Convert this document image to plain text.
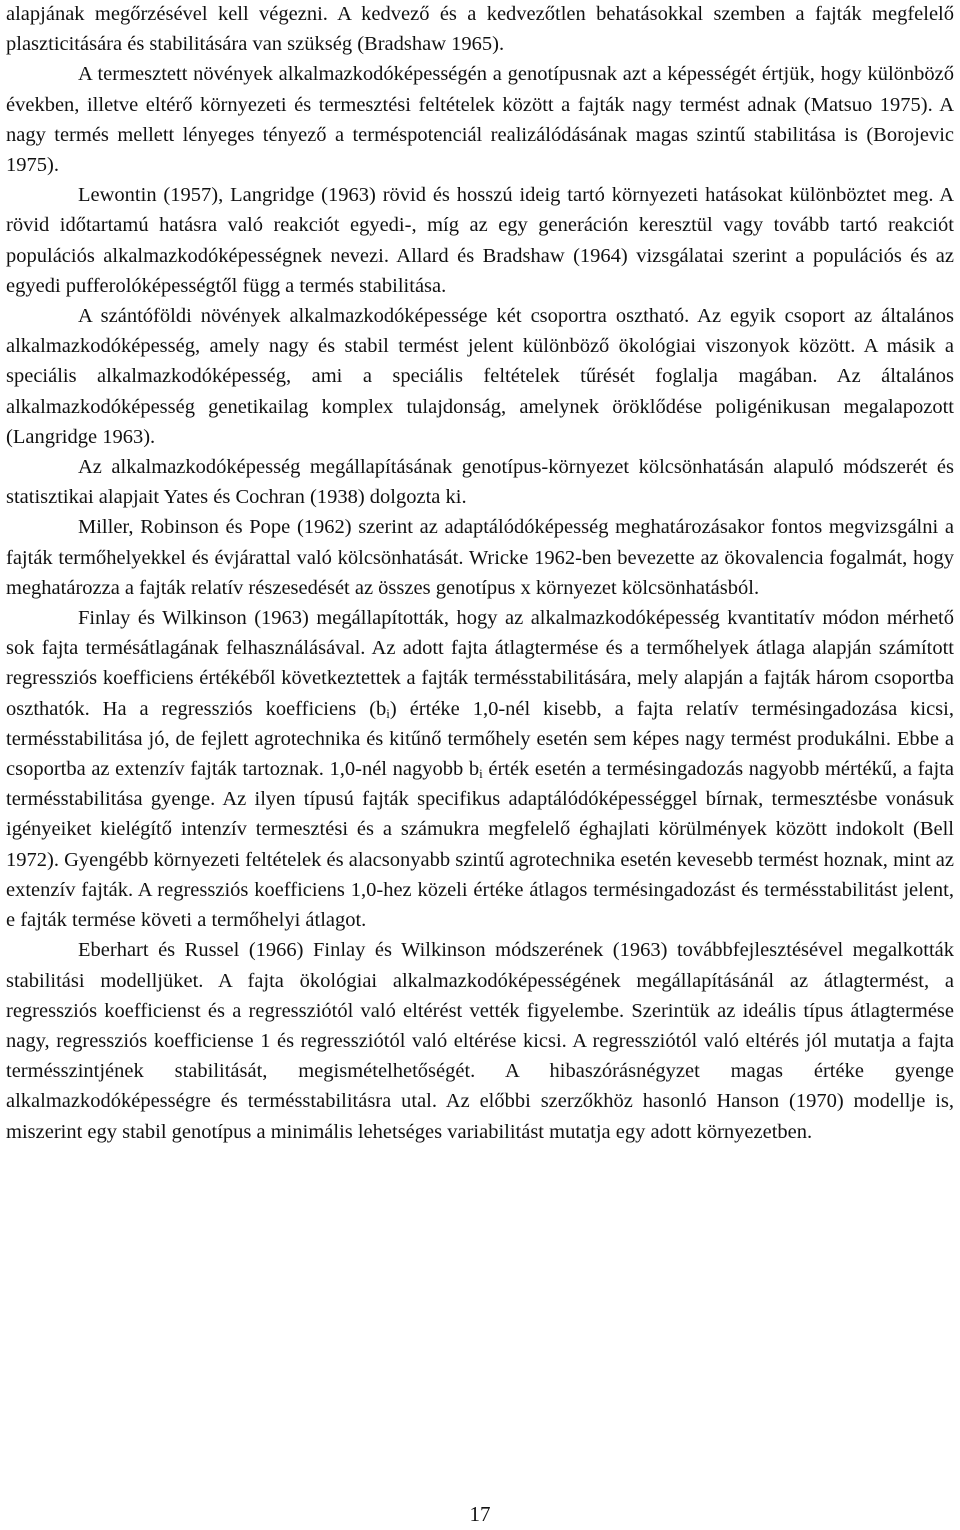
alapjának megőrzésével kell végezni. A kedvező és a kedvezőtlen behatásokkal szemben a fajták megfelelő plaszticitására és stabilitására van szükség (Bradshaw 1965).

A termesztett növények alkalmazkodóképességén a genotípusnak azt a képességét értjük, hogy különböző években, illetve eltérő környezeti és termesztési feltételek között a fajták nagy termést adnak (Matsuo 1975). A nagy termés mellett lényeges tényező a terméspotenciál realizálódásának magas szintű stabilitása is (Borojevic 1975).

Lewontin (1957), Langridge (1963) rövid és hosszú ideig tartó környezeti hatásokat különböztet meg. A rövid időtartamú hatásra való reakciót egyedi-, míg az egy generáción keresztül vagy tovább tartó reakciót populációs alkalmazkodóképességnek nevezi. Allard és Bradshaw (1964) vizsgálatai szerint a populációs és az egyedi pufferolóképességtől függ a termés stabilitása.

A szántóföldi növények alkalmazkodóképessége két csoportra osztható. Az egyik csoport az általános alkalmazkodóképesség, amely nagy és stabil termést jelent különböző ökológiai viszonyok között. A másik a speciális alkalmazkodóképesség, ami a speciális feltételek tűrését foglalja magában. Az általános alkalmazkodóképesség genetikailag komplex tulajdonság, amelynek öröklődése poligénikusan megalapozott (Langridge 1963).

Az alkalmazkodóképesség megállapításának genotípus-környezet kölcsönhatásán alapuló módszerét és statisztikai alapjait Yates és Cochran (1938) dolgozta ki.

Miller, Robinson és Pope (1962) szerint az adaptálódóképesség meghatározásakor fontos megvizsgálni a fajták termőhelyekkel és évjárattal való kölcsönhatását. Wricke 1962-ben bevezette az ökovalencia fogalmát, hogy meghatározza a fajták relatív részesedését az összes genotípus x környezet kölcsönhatásból.

Finlay és Wilkinson (1963) megállapították, hogy az alkalmazkodóképesség kvantitatív módon mérhető sok fajta termésátlagának felhasználásával. Az adott fajta átlagtermése és a termőhelyek átlaga alapján számított regressziós koefficiens értékéből következtettek a fajták termésstabilitására, mely alapján a fajták három csoportba oszthatók. Ha a regressziós koefficiens $(b_i)$ értéke 1,0-nél kisebb, a fajta relatív termésingadozása kicsi, termésstabilitása jó, de fejlett agrotechnika és kitűnő termőhely esetén sem képes nagy termést produkálni. Ebbe a csoportba az extenzív fajták tartoznak. 1,0-nél nagyobb $b_i$ érték esetén a termésingadozás nagyobb mértékű, a fajta termésstabilitása gyenge. Az ilyen típusú fajták specifikus adaptálódóképességgel bírnak, termesztésbe vonásuk igényeiket kielégítő intenzív termesztési és a számukra megfelelő éghajlati körülmények között indokolt (Bell 1972). Gyengébb környezeti feltételek és alacsonyabb szintű agrotechnika esetén kevesebb termést hoznak, mint az extenzív fajták. A regressziós koefficiens 1,0-hez közeli értéke átlagos termésingadozást és termésstabilitást jelent, e fajták termése követi a termőhelyi átlagot.

Eberhart és Russel (1966) Finlay és Wilkinson módszerének (1963) továbbfejlesztésével megalkották stabilitási modelljüket. A fajta ökológiai alkalmazkodóképességének megállapításánál az átlagtermést, a regressziós koefficienst és a regressziótól való eltérést vették figyelembe. Szerintük az ideális típus átlagtermése nagy, regressziós koefficiense 1 és regressziótól való eltérése kicsi. A regressziótól való eltérés jól mutatja a fajta termésszintjének stabilitását, megismételhetőségét. A hibaszórásnégyzet magas értéke gyenge alkalmazkodóképességre és termésstabilitásra utal. Az előbbi szerzőkhöz hasonló Hanson (1970) modellje is, miszerint egy stabil genotípus a minimális lehetséges variabilitást mutatja egy adott környezetben.

17
